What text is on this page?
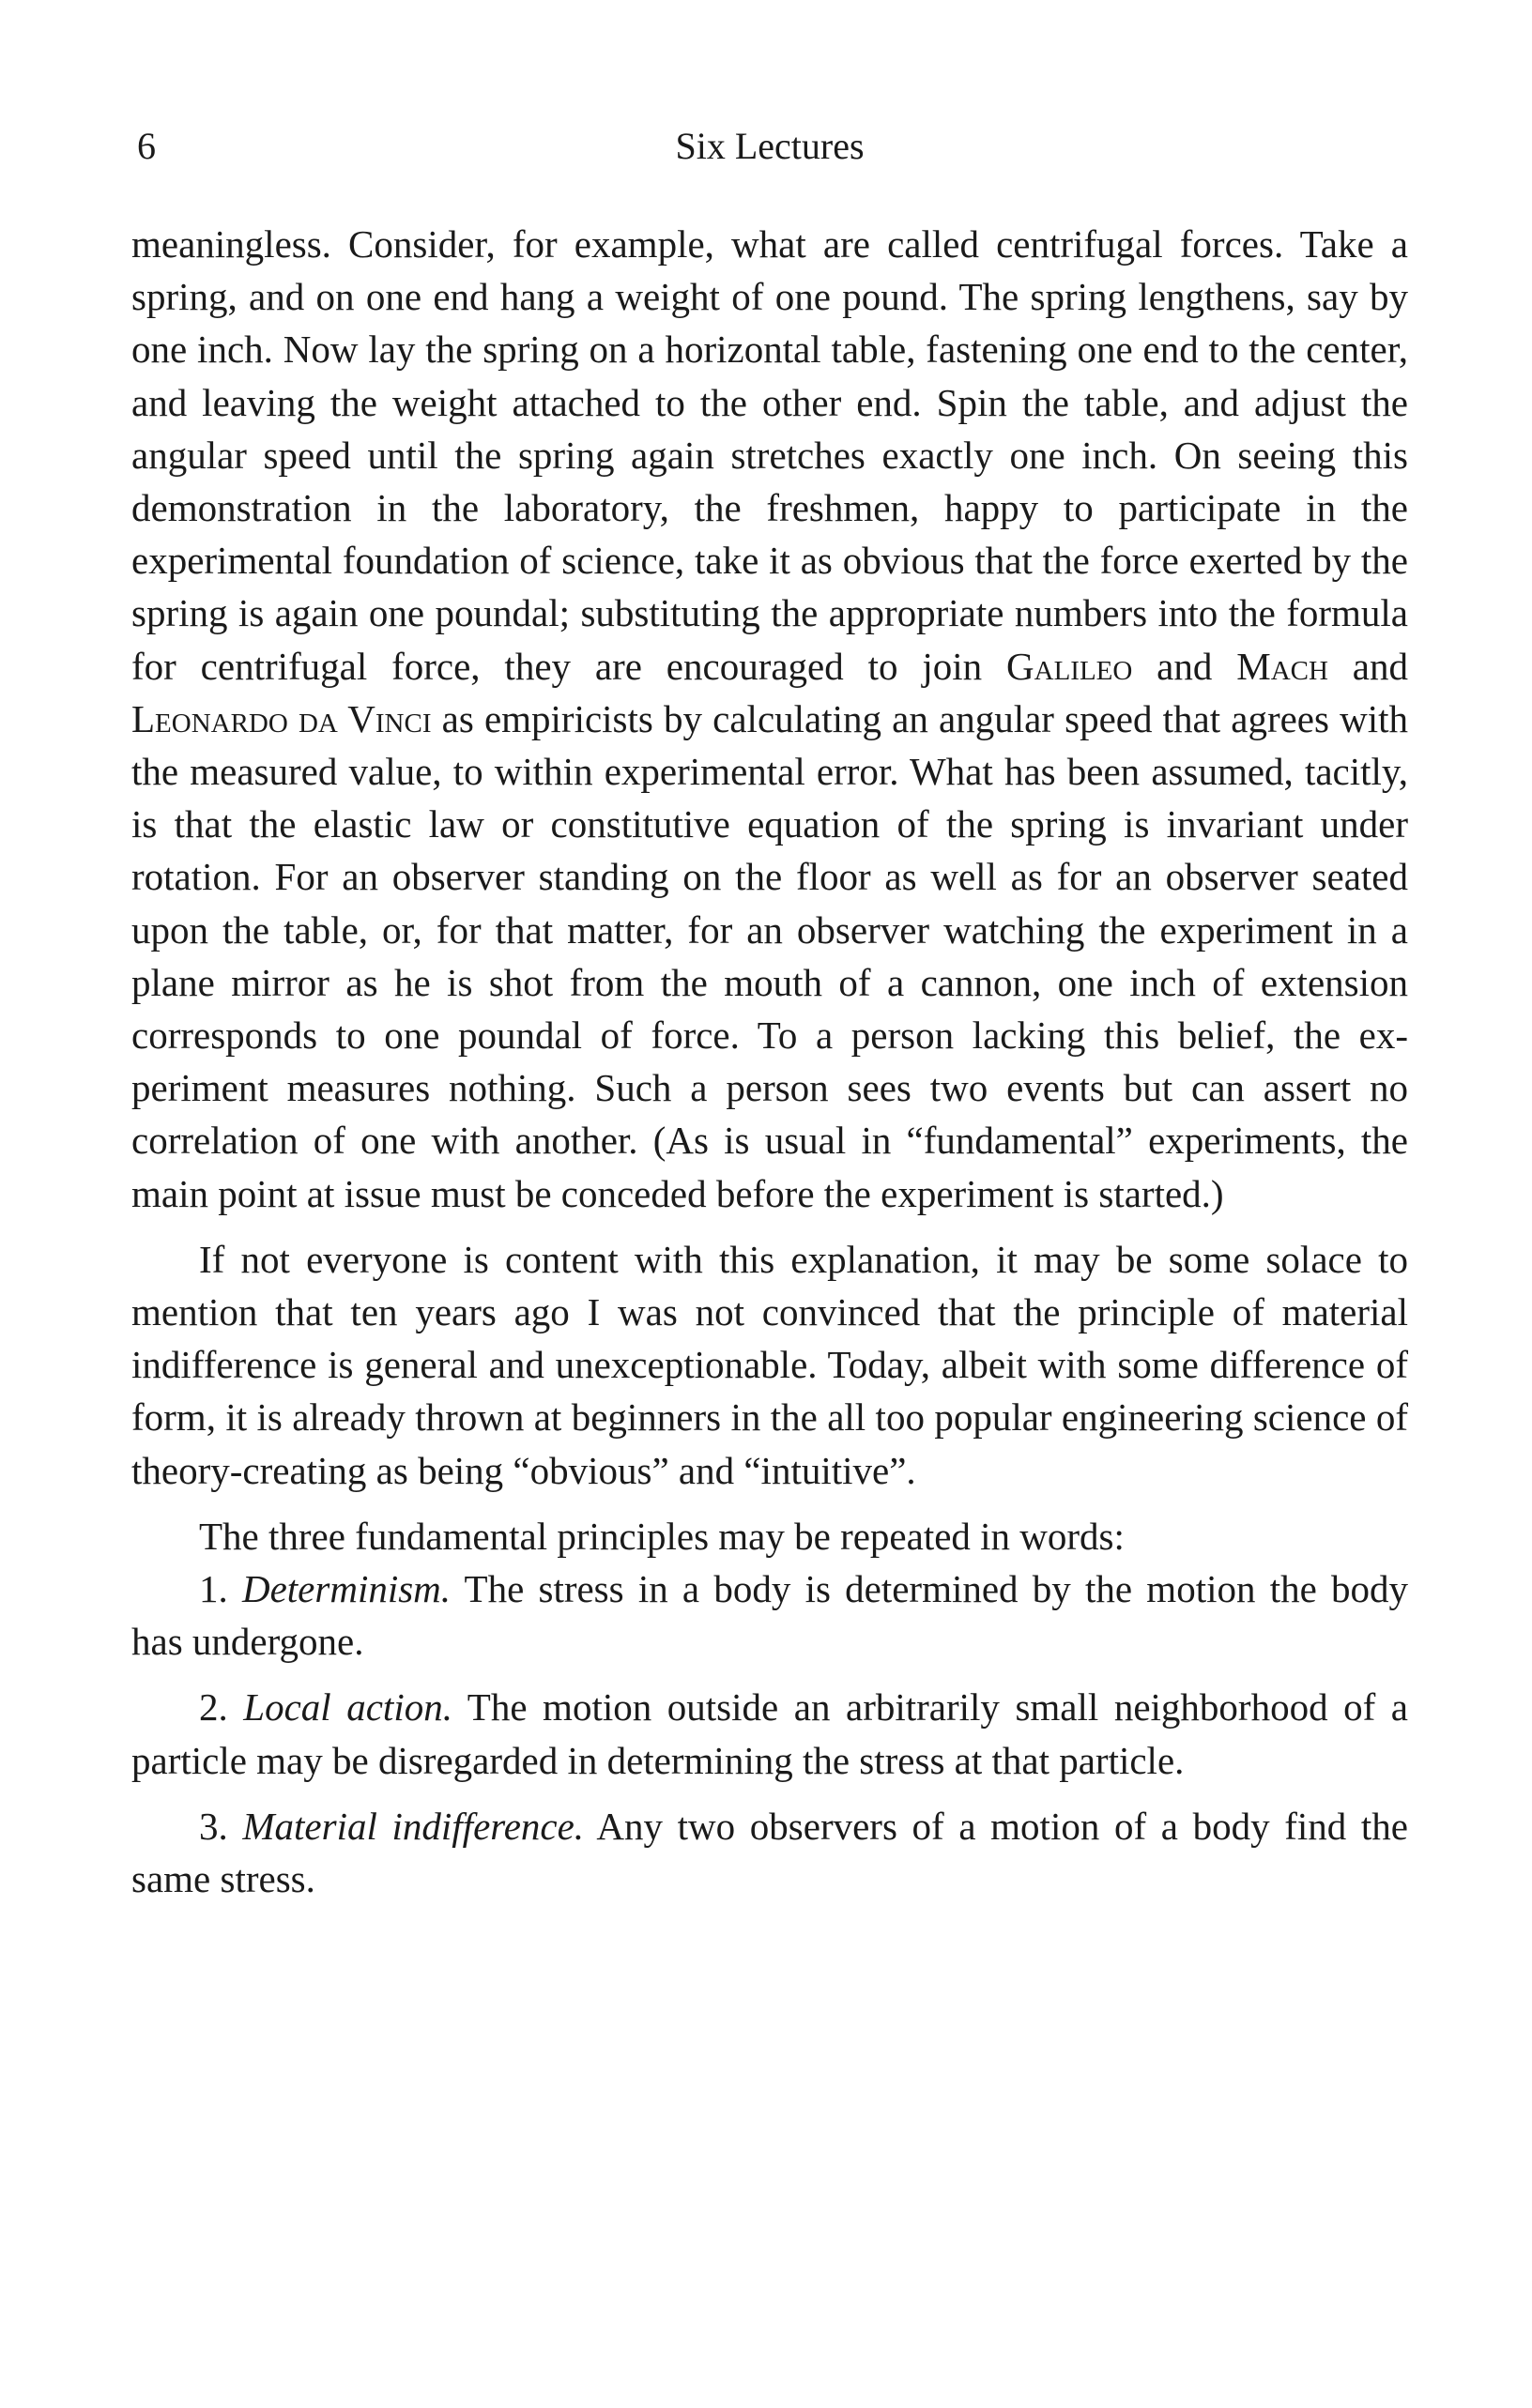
6	Six Lectures

meaningless. Consider, for example, what are called centrifugal forces. Take a spring, and on one end hang a weight of one pound. The spring lengthens, say by one inch. Now lay the spring on a horizontal table, fastening one end to the center, and leaving the weight attached to the other end. Spin the table, and adjust the angular speed until the spring again stretches exactly one inch. On seeing this demonstration in the laboratory, the freshmen, happy to participate in the experimental foundation of science, take it as obvious that the force exerted by the spring is again one poundal; substituting the appropriate numbers into the formula for centrifugal force, they are encouraged to join Galileo and Mach and Leonardo da Vinci as empiricists by calculating an angular speed that agrees with the measured value, to within experimental error. What has been assumed, tacitly, is that the elastic law or constitutive equation of the spring is invariant under rotation. For an observer standing on the floor as well as for an observer seated upon the table, or, for that matter, for an observer watching the experiment in a plane mirror as he is shot from the mouth of a cannon, one inch of extension corresponds to one poundal of force. To a person lacking this belief, the experiment measures nothing. Such a person sees two events but can assert no correlation of one with another. (As is usual in “fundamental” experiments, the main point at issue must be conceded before the experiment is started.)

If not everyone is content with this explanation, it may be some solace to mention that ten years ago I was not convinced that the principle of material indifference is general and unexceptionable. Today, albeit with some difference of form, it is already thrown at beginners in the all too popular engineering science of theory-creating as being “obvious” and “intuitive”.

The three fundamental principles may be repeated in words:

1. Determinism. The stress in a body is determined by the motion the body has undergone.

2. Local action. The motion outside an arbitrarily small neighborhood of a particle may be disregarded in determining the stress at that particle.

3. Material indifference. Any two observers of a motion of a body find the same stress.
